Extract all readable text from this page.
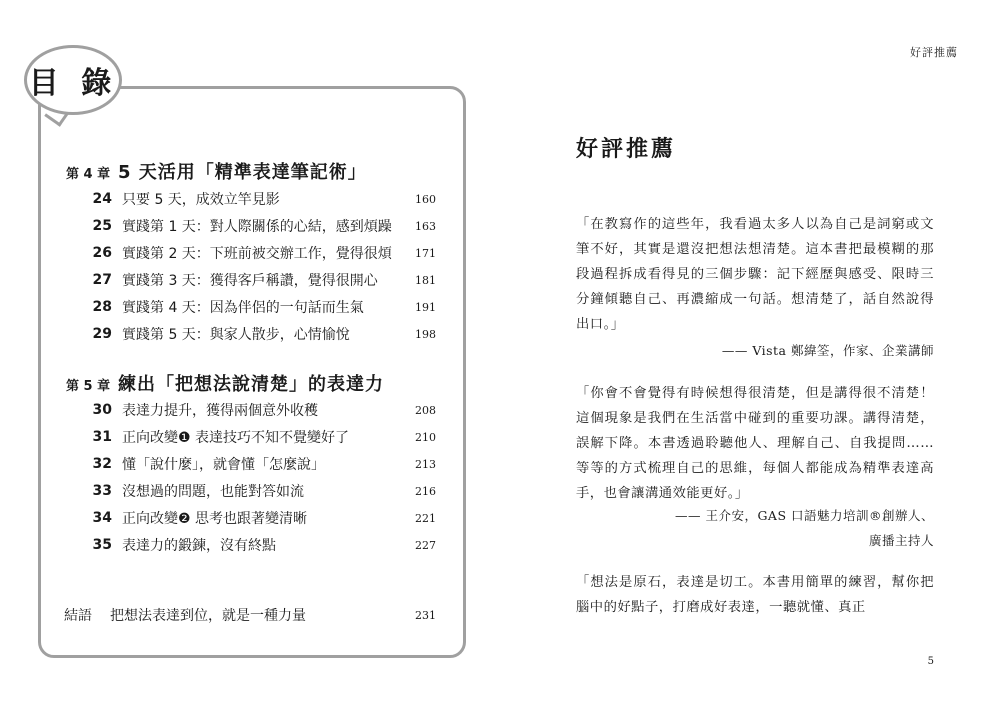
目 錄
第 4 章 5 天活用「精準表達筆記術」
24 只要 5 天，成效立竿見影	160
25 實踐第 1 天：對人際關係的心結，感到煩躁	163
26 實踐第 2 天：下班前被交辦工作，覺得很煩	171
27 實踐第 3 天：獲得客戶稱讚，覺得很開心	181
28 實踐第 4 天：因為伴侶的一句話而生氣	191
29 實踐第 5 天：與家人散步，心情愉悅	198
第 5 章 練出「把想法說清楚」的表達力
30 表達力提升，獲得兩個意外收穫	208
31 正向改變❶ 表達技巧不知不覺變好了	210
32 懂「說什麼」，就會懂「怎麼說」	213
33 沒想過的問題，也能對答如流	216
34 正向改變❷ 思考也跟著變清晰	221
35 表達力的鍛鍊，沒有終點	227
結語	把想法表達到位，就是一種力量	231
好評推薦
好評推薦
「在教寫作的這些年，我看過太多人以為自己是詞窮或文筆不好，其實是還沒把想法想清楚。這本書把最模糊的那段過程拆成看得見的三個步驟：記下經歷與感受、限時三分鐘傾聽自己、再濃縮成一句話。想清楚了，話自然說得出口。」
—— Vista 鄭緯筌，作家、企業講師
「你會不會覺得有時候想得很清楚，但是講得很不清楚！這個現象是我們在生活當中碰到的重要功課。講得清楚，誤解下降。本書透過聆聽他人、理解自己、自我提問……等等的方式梳理自己的思維，每個人都能成為精準表達高手，也會讓溝通效能更好。」
—— 王介安，GAS 口語魅力培訓®創辦人、
廣播主持人
「想法是原石，表達是切工。本書用簡單的練習，幫你把腦中的好點子，打磨成好表達，一聽就懂、真正
5
